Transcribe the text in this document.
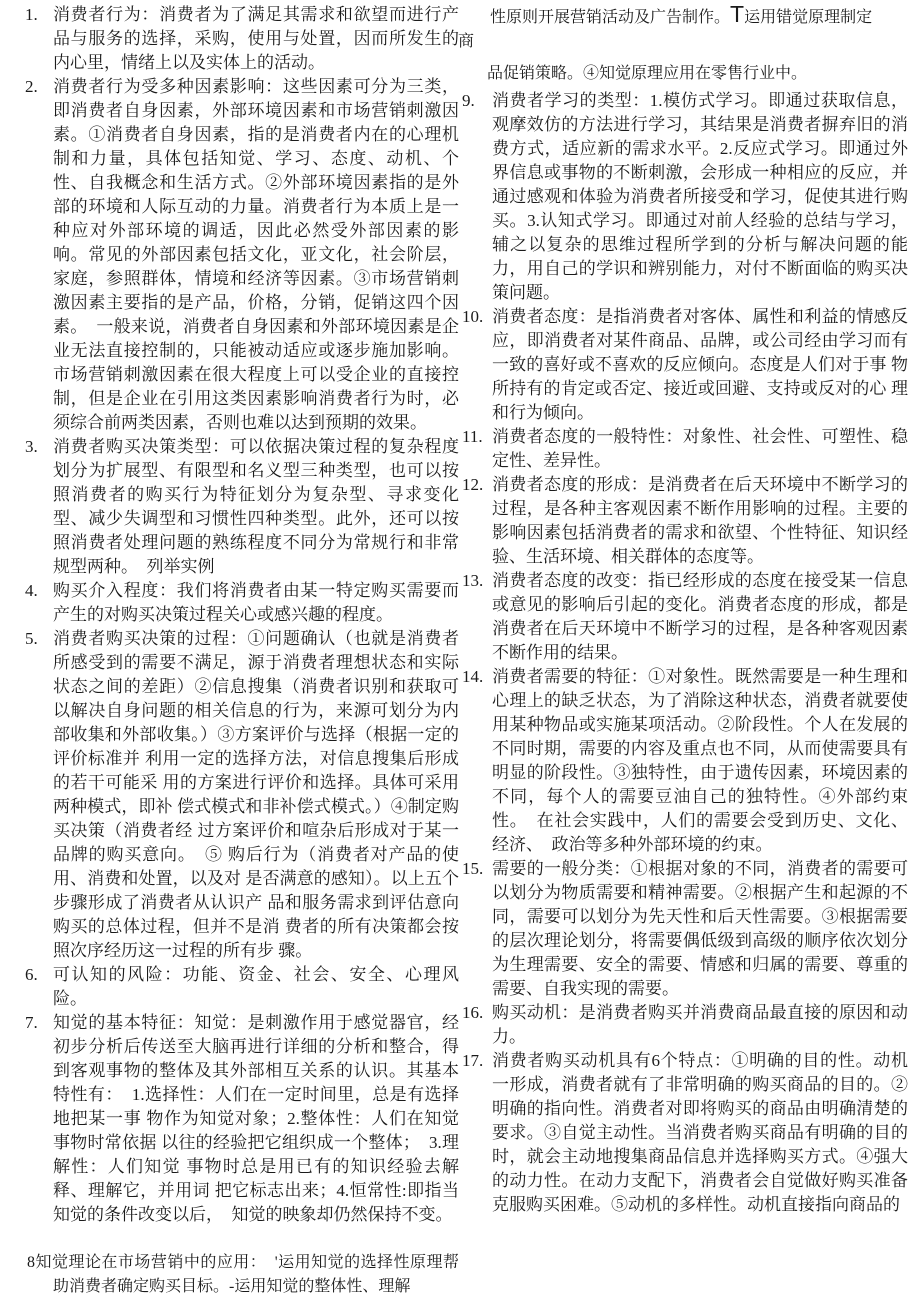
1. 消费者行为：消费者为了满足其需求和欲望而进行产品与服务的选择，采购，使用与处置，因而所发生的内心里，情绪上以及实体上的活动。
2. 消费者行为受多种因素影响：这些因素可分为三类，即消费者自身因素，外部环境因素和市场营销刺激因素。①消费者自身因素，指的是消费者内在的心理机制和力量，具体包括知觉、学习、态度、动机、个性、自我概念和生活方式。②外部环境因素指的是外部的环境和人际互动的力量。消费者行为本质上是一种应对外部环境的调适，因此必然受外部因素的影响。常见的外部因素包括文化，亚文化，社会阶层，家庭，参照群体，情境和经济等因素。③市场营销刺激因素主要指的是产品，价格，分销，促销这四个因素。　一般来说，消费者自身因素和外部环境因素是企业无法直接控制的，只能被动适应或逐步施加影响。市场营销刺激因素在很大程度上可以受企业的直接控制，但是企业在引用这类因素影响消费者行为时，必须综合前两类因素，否则也难以达到预期的效果。
3. 消费者购买决策类型：可以依据决策过程的复杂程度划分为扩展型、有限型和名义型三种类型，也可以按照消费者的购买行为特征划分为复杂型、寻求变化型、减少失调型和习惯性四种类型。此外，还可以按照消费者处理问题的熟练程度不同分为常规行和非常规型两种。　列举实例
4. 购买介入程度：我们将消费者由某一特定购买需要而产生的对购买决策过程关心或感兴趣的程度。
5. 消费者购买决策的过程：①问题确认（也就是消费者所感受到的需要不满足，源于消费者理想状态和实际状态之间的差距）②信息搜集（消费者识别和获取可以解决自身问题的相关信息的行为，来源可划分为内部收集和外部收集。）③方案评价与选择（根据一定的评价标准并 利用一定的选择方法，对信息搜集后形成的若干可能采 用的方案进行评价和选择。具体可采用两种模式，即补 偿式模式和非补偿式模式。）④制定购买决策（消费者经 过方案评价和喧杂后形成对于某一品牌的购买意向。　⑤ 购后行为（消费者对产品的使用、消费和处置，以及对 是否满意的感知）。以上五个步骤形成了消费者从认识产 品和服务需求到评估意向购买的总体过程，但并不是消 费者的所有决策都会按照次序经历这一过程的所有步 骤。
6. 可认知的风险：功能、资金、社会、安全、心理风险。
7. 知觉的基本特征：知觉：是刺激作用于感觉器官，经初步分析后传送至大脑再进行详细的分析和整合，得到客观事物的整体及其外部相互关系的认识。其基本特性有：　1.选择性：人们在一定时间里，总是有选择地把某一事 物作为知觉对象；2.整体性：人们在知觉事物时常依据 以往的经验把它组织成一个整体；　3.理解性：人们知觉 事物时总是用已有的知识经验去解释、理解它，并用词 把它标志出来；4.恒常性:即指当知觉的条件改变以后，　知觉的映象却仍然保持不变。
8知觉理论在市场营销中的应用：　'运用知觉的选择性原理帮助消费者确定购买目标。-运用知觉的整体性、理解
性原则开展营销活动及广告制作。T运用错觉原理制定
商
品促销策略。④知觉原理应用在零售行业中。
9. 消费者学习的类型：1.模仿式学习。即通过获取信息，观摩效仿的方法进行学习，其结果是消费者摒弃旧的消费方式，适应新的需求水平。2.反应式学习。即通过外界信息或事物的不断刺激，会形成一种相应的反应，并通过感观和体验为消费者所接受和学习，促使其进行购买。3.认知式学习。即通过对前人经验的总结与学习，辅之以复杂的思维过程所学到的分析与解决问题的能力，用自己的学识和辨别能力，对付不断面临的购买决策问题。
10. 消费者态度：是指消费者对客体、属性和利益的情感反应，即消费者对某件商品、品牌，或公司经由学习而有一致的喜好或不喜欢的反应倾向。态度是人们对于事 物所持有的肯定或否定、接近或回避、支持或反对的心 理和行为倾向。
11. 消费者态度的一般特性：对象性、社会性、可塑性、稳定性、差异性。
12. 消费者态度的形成：是消费者在后天环境中不断学习的过程，是各种主客观因素不断作用影响的过程。主要的影响因素包括消费者的需求和欲望、个性特征、知识经验、生活环境、相关群体的态度等。
13. 消费者态度的改变：指已经形成的态度在接受某一信息或意见的影响后引起的变化。消费者态度的形成，都是消费者在后天环境中不断学习的过程，是各种客观因素不断作用的结果。
14. 消费者需要的特征：①对象性。既然需要是一种生理和心理上的缺乏状态，为了消除这种状态，消费者就要使用某种物品或实施某项活动。②阶段性。个人在发展的不同时期，需要的内容及重点也不同，从而使需要具有明显的阶段性。③独特性，由于遗传因素，环境因素的不同，每个人的需要豆油自己的独特性。④外部约束性。　在社会实践中，人们的需要会受到历史、文化、经济、　政治等多种外部环境的约束。
15. 需要的一般分类：①根据对象的不同，消费者的需要可以划分为物质需要和精神需要。②根据产生和起源的不同，需要可以划分为先天性和后天性需要。③根据需要的层次理论划分，将需要偶低级到高级的顺序依次划分为生理需要、安全的需要、情感和归属的需要、尊重的需要、自我实现的需要。
16. 购买动机：是消费者购买并消费商品最直接的原因和动力。
17. 消费者购买动机具有6个特点：①明确的目的性。动机一形成，消费者就有了非常明确的购买商品的目的。②明确的指向性。消费者对即将购买的商品由明确清楚的要求。③自觉主动性。当消费者购买商品有明确的目的时，就会主动地搜集商品信息并选择购买方式。④强大的动力性。在动力支配下，消费者会自觉做好购买准备克服购买困难。⑤动机的多样性。动机直接指向商品的
